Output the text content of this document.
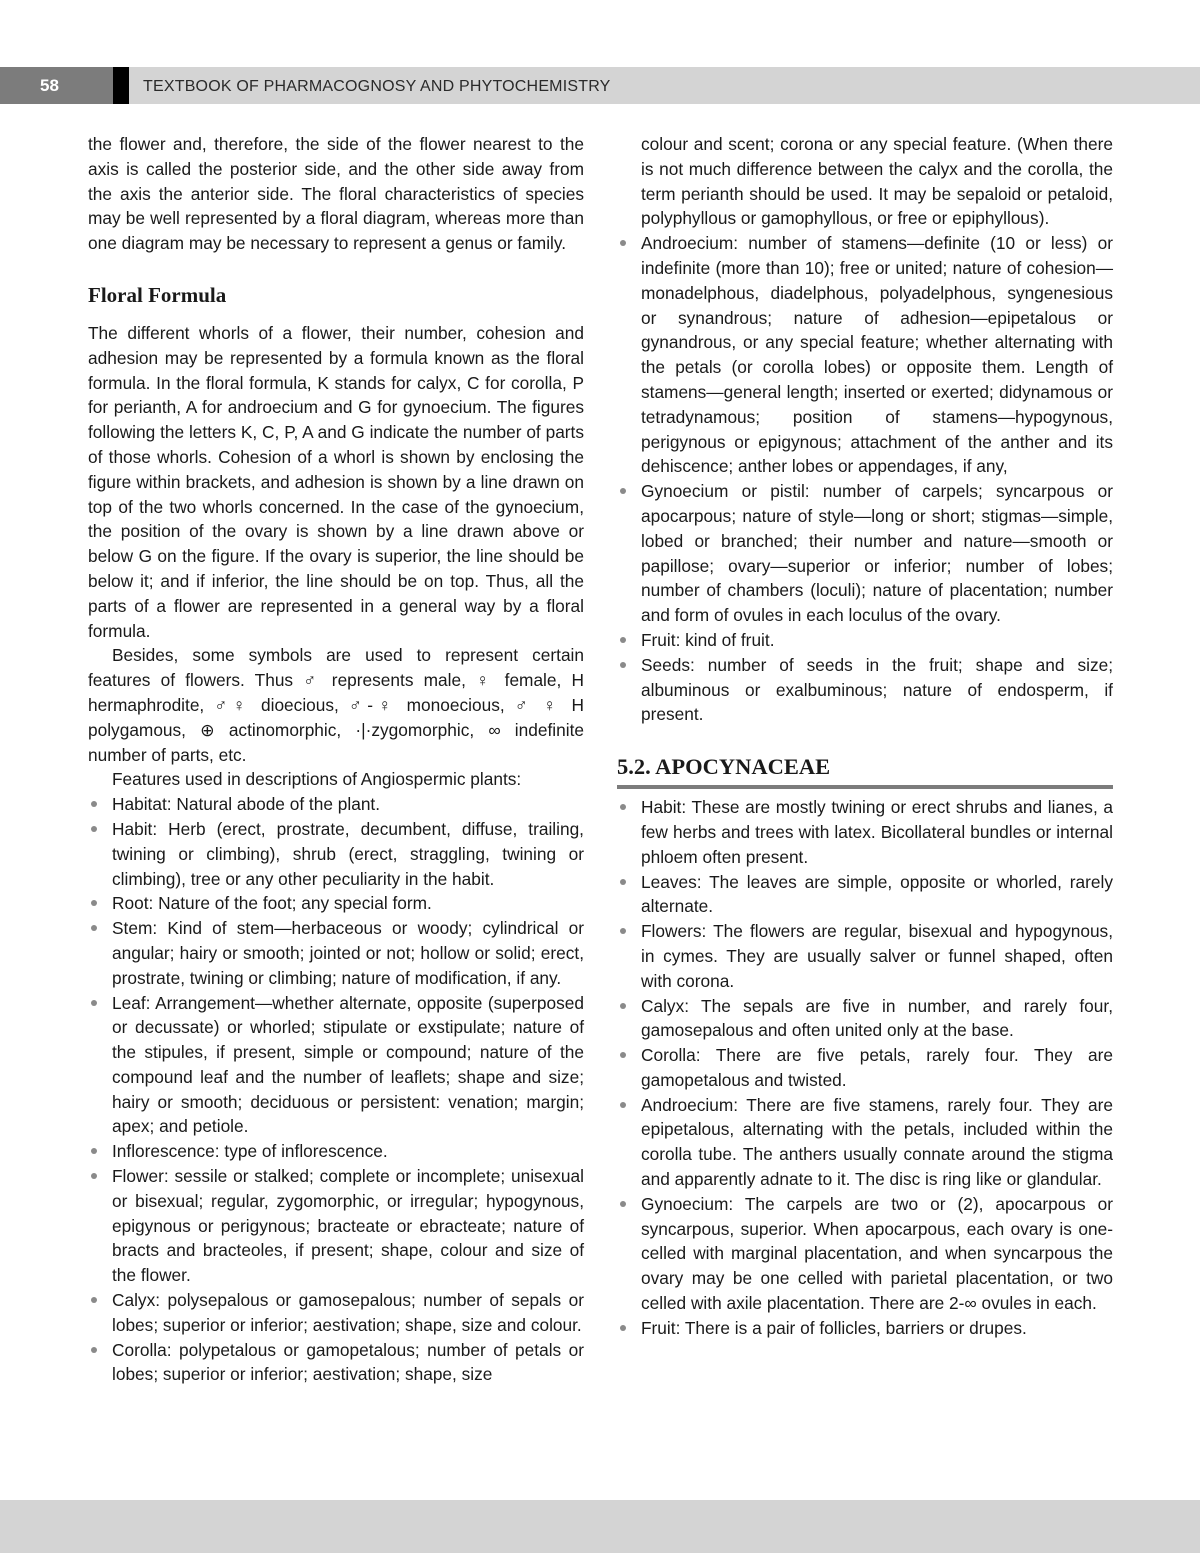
58	TEXTBOOK OF PHARMACOGNOSY AND PHYTOCHEMISTRY

the flower and, therefore, the side of the flower nearest to the axis is called the posterior side, and the other side away from the axis the anterior side. The floral characteristics of species may be well represented by a floral diagram, whereas more than one diagram may be necessary to represent a genus or family.

Floral Formula

The different whorls of a flower, their number, cohesion and adhesion may be represented by a formula known as the floral formula. In the floral formula, K stands for calyx, C for corolla, P for perianth, A for androecium and G for gynoecium. The figures following the letters K, C, P, A and G indicate the number of parts of those whorls. Cohesion of a whorl is shown by enclosing the figure within brackets, and adhesion is shown by a line drawn on top of the two whorls concerned. In the case of the gynoecium, the position of the ovary is shown by a line drawn above or below G on the figure. If the ovary is superior, the line should be below it; and if inferior, the line should be on top. Thus, all the parts of a flower are represented in a general way by a floral formula.

Besides, some symbols are used to represent certain features of flowers. Thus ♂ represents male, ♀ female, H hermaphrodite, ♂♀ dioecious, ♂-♀ monoecious, ♂ ♀ H polygamous, ⊕ actinomorphic, ·|·zygomorphic, ∞ indefinite number of parts, etc.

Features used in descriptions of Angiospermic plants:

Habitat: Natural abode of the plant.
Habit: Herb (erect, prostrate, decumbent, diffuse, trailing, twining or climbing), shrub (erect, straggling, twining or climbing), tree or any other peculiarity in the habit.
Root: Nature of the foot; any special form.
Stem: Kind of stem—herbaceous or woody; cylindrical or angular; hairy or smooth; jointed or not; hollow or solid; erect, prostrate, twining or climbing; nature of modification, if any.
Leaf: Arrangement—whether alternate, opposite (superposed or decussate) or whorled; stipulate or exstipulate; nature of the stipules, if present, simple or compound; nature of the compound leaf and the number of leaflets; shape and size; hairy or smooth; deciduous or persistent: venation; margin; apex; and petiole.
Inflorescence: type of inflorescence.
Flower: sessile or stalked; complete or incomplete; unisexual or bisexual; regular, zygomorphic, or irregular; hypogynous, epigynous or perigynous; bracteate or ebracteate; nature of bracts and bracteoles, if present; shape, colour and size of the flower.
Calyx: polysepalous or gamosepalous; number of sepals or lobes; superior or inferior; aestivation; shape, size and colour.
Corolla: polypetalous or gamopetalous; number of petals or lobes; superior or inferior; aestivation; shape, size
colour and scent; corona or any special feature. (When there is not much difference between the calyx and the corolla, the term perianth should be used. It may be sepaloid or petaloid, polyphyllous or gamophyllous, or free or epiphyllous).
Androecium: number of stamens—definite (10 or less) or indefinite (more than 10); free or united; nature of cohesion—monadelphous, diadelphous, polyadelphous, syngenesious or synandrous; nature of adhesion—epipetalous or gynandrous, or any special feature; whether alternating with the petals (or corolla lobes) or opposite them. Length of stamens—general length; inserted or exerted; didynamous or tetradynamous; position of stamens—hypogynous, perigynous or epigynous; attachment of the anther and its dehiscence; anther lobes or appendages, if any,
Gynoecium or pistil: number of carpels; syncarpous or apocarpous; nature of style—long or short; stigmas—simple, lobed or branched; their number and nature—smooth or papillose; ovary—superior or inferior; number of lobes; number of chambers (loculi); nature of placentation; number and form of ovules in each loculus of the ovary.
Fruit: kind of fruit.
Seeds: number of seeds in the fruit; shape and size; albuminous or exalbuminous; nature of endosperm, if present.
5.2. APOCYNACEAE
Habit: These are mostly twining or erect shrubs and lianes, a few herbs and trees with latex. Bicollateral bundles or internal phloem often present.
Leaves: The leaves are simple, opposite or whorled, rarely alternate.
Flowers: The flowers are regular, bisexual and hypogynous, in cymes. They are usually salver or funnel shaped, often with corona.
Calyx: The sepals are five in number, and rarely four, gamosepalous and often united only at the base.
Corolla: There are five petals, rarely four. They are gamopetalous and twisted.
Androecium: There are five stamens, rarely four. They are epipetalous, alternating with the petals, included within the corolla tube. The anthers usually connate around the stigma and apparently adnate to it. The disc is ring like or glandular.
Gynoecium: The carpels are two or (2), apocarpous or syncarpous, superior. When apocarpous, each ovary is one-celled with marginal placentation, and when syncarpous the ovary may be one celled with parietal placentation, or two celled with axile placentation. There are 2-∞ ovules in each.
Fruit: There is a pair of follicles, barriers or drupes.
